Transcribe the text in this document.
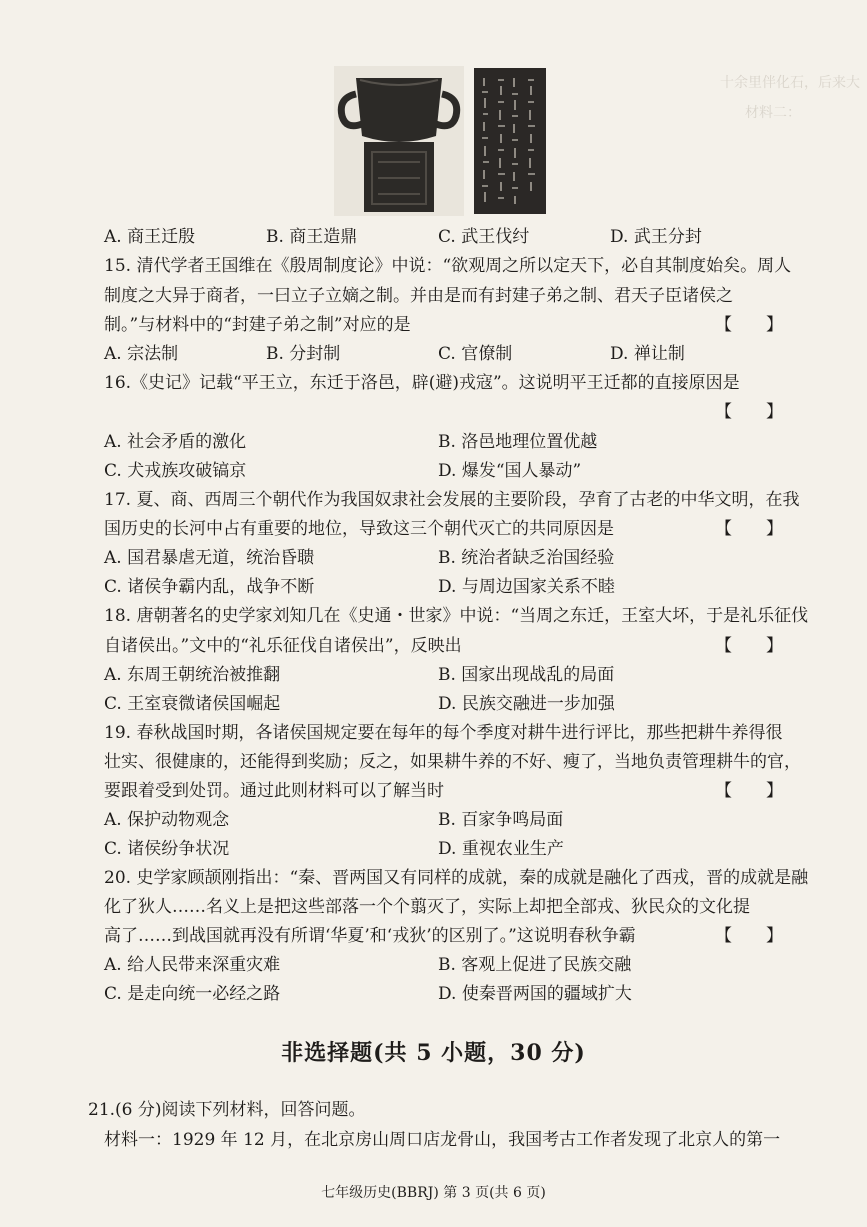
十余里伴化石，后来大
材料二：
A. 商王迁殷	B. 商王造鼎	C. 武王伐纣	D. 武王分封
15. 清代学者王国维在《殷周制度论》中说：“欲观周之所以定天下，必自其制度始矣。周人
制度之大异于商者，一曰立子立嫡之制。并由是而有封建子弟之制、君天子臣诸侯之
制。”与材料中的“封建子弟之制”对应的是	【　　】
A. 宗法制	B. 分封制	C. 官僚制	D. 禅让制
16.《史记》记载“平王立，东迁于洛邑，辟(避)戎寇”。这说明平王迁都的直接原因是
【　　】
A. 社会矛盾的激化	B. 洛邑地理位置优越
C. 犬戎族攻破镐京	D. 爆发“国人暴动”
17. 夏、商、西周三个朝代作为我国奴隶社会发展的主要阶段，孕育了古老的中华文明，在我
国历史的长河中占有重要的地位，导致这三个朝代灭亡的共同原因是	【　　】
A. 国君暴虐无道，统治昏聩	B. 统治者缺乏治国经验
C. 诸侯争霸内乱，战争不断	D. 与周边国家关系不睦
18. 唐朝著名的史学家刘知几在《史通・世家》中说：“当周之东迁，王室大坏，于是礼乐征伐
自诸侯出。”文中的“礼乐征伐自诸侯出”，反映出	【　　】
A. 东周王朝统治被推翻	B. 国家出现战乱的局面
C. 王室衰微诸侯国崛起	D. 民族交融进一步加强
19. 春秋战国时期，各诸侯国规定要在每年的每个季度对耕牛进行评比，那些把耕牛养得很
壮实、很健康的，还能得到奖励；反之，如果耕牛养的不好、瘦了，当地负责管理耕牛的官，
要跟着受到处罚。通过此则材料可以了解当时	【　　】
A. 保护动物观念	B. 百家争鸣局面
C. 诸侯纷争状况	D. 重视农业生产
20. 史学家顾颉刚指出：“秦、晋两国又有同样的成就，秦的成就是融化了西戎，晋的成就是融
化了狄人……名义上是把这些部落一个个翦灭了，实际上却把全部戎、狄民众的文化提
高了……到战国就再没有所谓‘华夏’和‘戎狄’的区别了。”这说明春秋争霸	【　　】
A. 给人民带来深重灾难	B. 客观上促进了民族交融
C. 是走向统一必经之路	D. 使秦晋两国的疆域扩大
非选择题(共 5 小题，30 分)
21.(6 分)阅读下列材料，回答问题。
材料一：1929 年 12 月，在北京房山周口店龙骨山，我国考古工作者发现了北京人的第一
七年级历史(BBRJ) 第 3 页(共 6 页)
